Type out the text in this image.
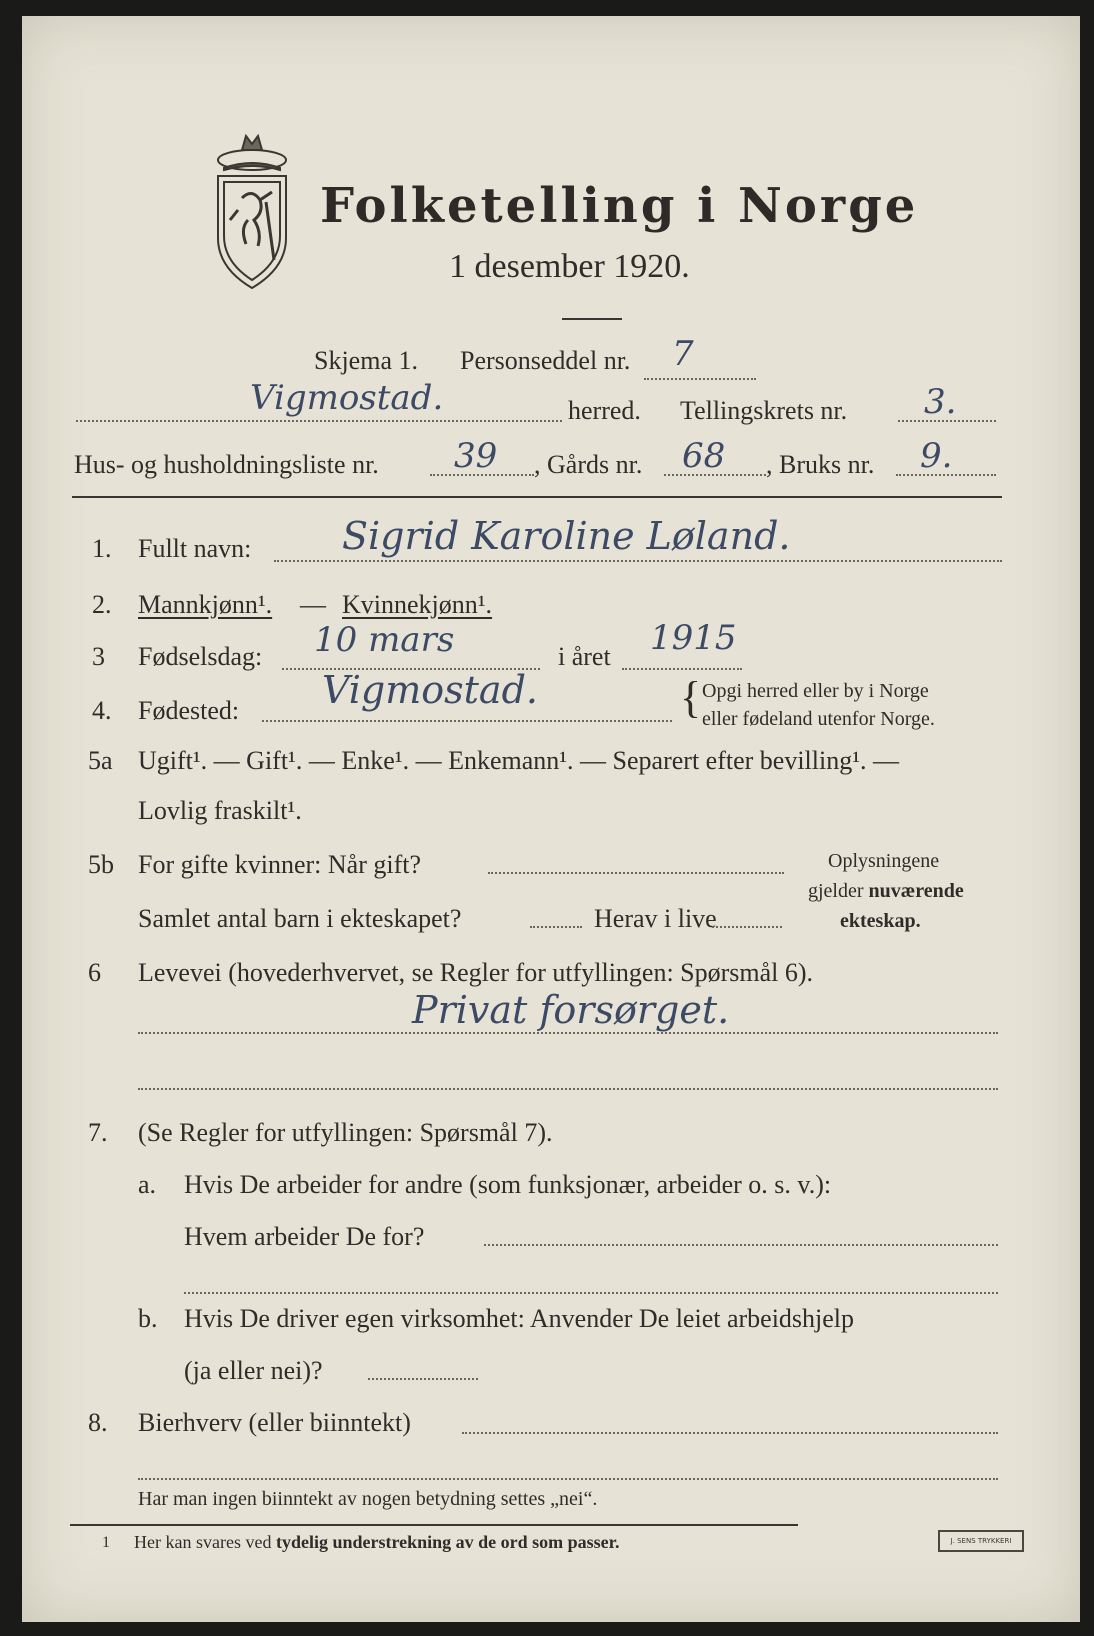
Folketelling i Norge
1 desember 1920.
Skjema 1. Personseddel nr. 7
Vigmostad.	herred. Tellingskrets nr. 3.
Hus- og husholdningsliste nr. 39 , Gårds nr. 68 , Bruks nr. 9.
1. Fullt navn: Sigrid Karoline Løland.
2. Mannkjønn¹. — Kvinnekjønn¹.
3 Fødselsdag: 10 mars	i året 1915
4. Fødested: Vigmostad.	{ Opgi herred eller by i Norge
eller fødeland utenfor Norge.
5a Ugift¹. — Gift¹. — Enke¹. — Enkemann¹. — Separert efter bevilling¹. —
Lovlig fraskilt¹.
5b For gifte kvinner: Når gift?
Samlet antal barn i ekteskapet?	Herav i live
Oplysningene
gjelder nuværende
ekteskap.
6 Levevei (hovederhvervet, se Regler for utfyllingen: Spørsmål 6).
Privat forsørget.
7. (Se Regler for utfyllingen: Spørsmål 7).
a. Hvis De arbeider for andre (som funksjonær, arbeider o. s. v.):
Hvem arbeider De for?
b. Hvis De driver egen virksomhet: Anvender De leiet arbeidshjelp
(ja eller nei)?
8. Bierhverv (eller biinntekt)
Har man ingen biinntekt av nogen betydning settes „nei“.
1 Her kan svares ved tydelig understrekning av de ord som passer.	J. SENS TRYKKERI
